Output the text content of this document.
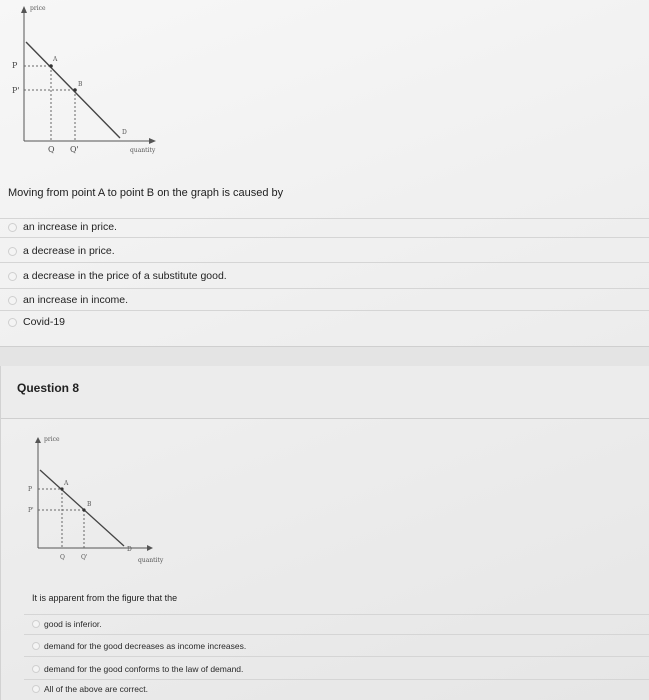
price
quantity
D
A
B
P
P'
Q Q'
Moving from point A to point B on the graph is caused by
an increase in price.
a decrease in price.
a decrease in the price of a substitute good.
an increase in income.
Covid-19
Question 8
price
quantity
D
A
B
P
P'
Q	Q'
It is apparent from the figure that the
good is inferior.
demand for the good decreases as income increases.
demand for the good conforms to the law of demand.
All of the above are correct.
